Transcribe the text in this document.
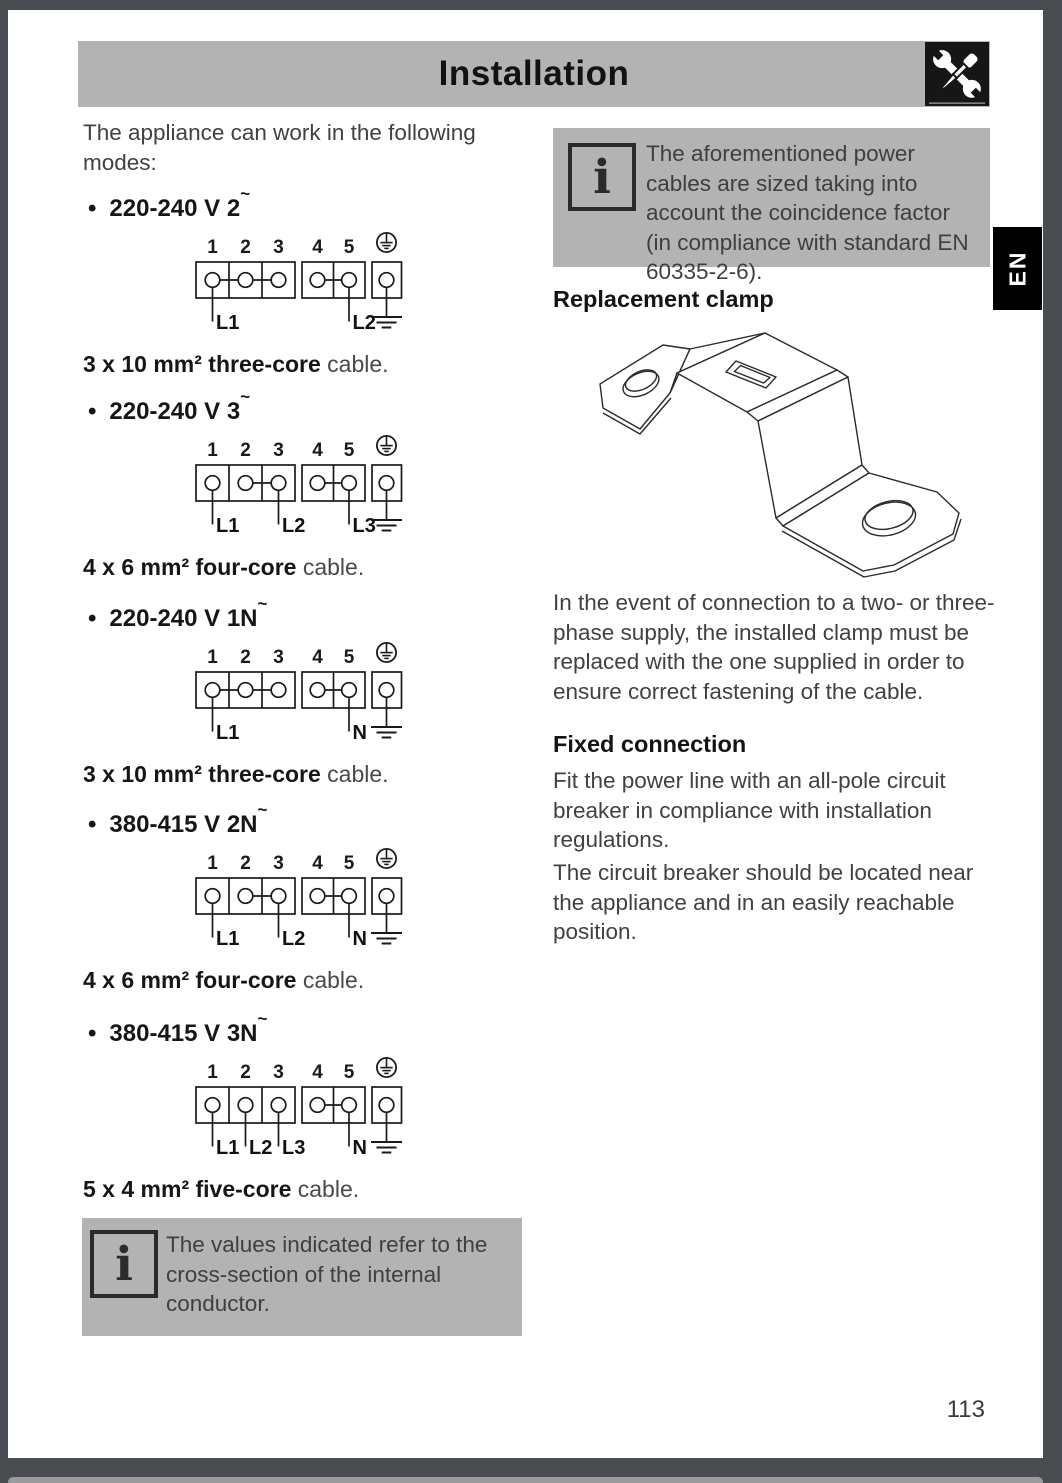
Installation

The appliance can work in the following modes:

i	The values indicated refer to the cross-section of the internal conductor.
i	The aforementioned power cables are sized taking into account the coincidence factor (in compliance with standard EN 60335-2-6).
Replacement clamp

In the event of connection to a two- or three-phase supply, the installed clamp must be replaced with the one supplied in order to ensure correct fastening of the cable.

Fixed connection

Fit the power line with an all-pole circuit breaker in compliance with installation regulations.

The circuit breaker should be located near the appliance and in an easily reachable position.

EN
113
• 220-240 V 2~
1 2 3 4 5
L1	L2
3 x 10 mm² three-core cable.
• 220-240 V 3~
1 2 3 4 5
L1 L2 L3
4 x 6 mm² four-core cable.
• 220-240 V 1N~
1 2 3 4 5
L1	N
3 x 10 mm² three-core cable.
• 380-415 V 2N~
1 2 3 4 5
L1 L2 N
4 x 6 mm² four-core cable.
• 380-415 V 3N~
1 2 3 4 5
L1 L2 L3 N
5 x 4 mm² five-core cable.
